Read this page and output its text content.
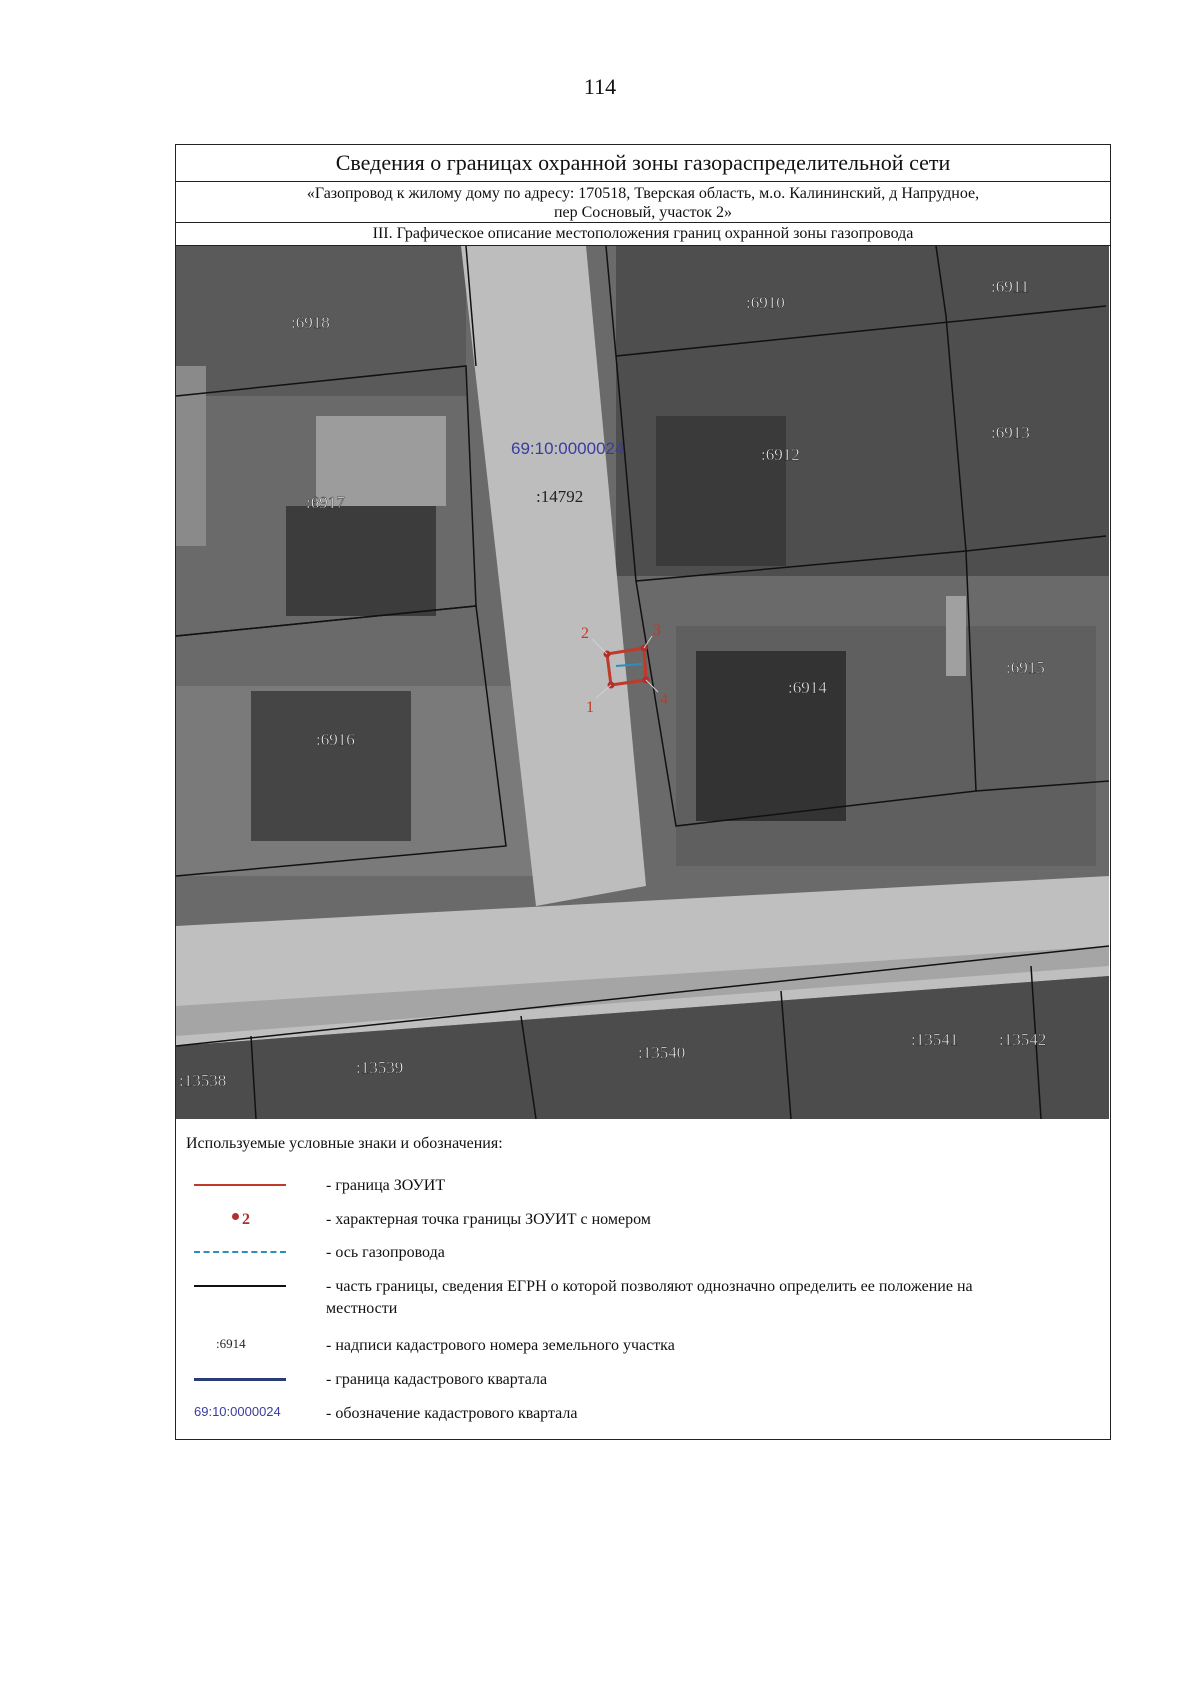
114
Сведения о границах охранной зоны газораспределительной сети
«Газопровод к жилому дому по адресу: 170518, Тверская область, м.о. Калининский, д Напрудное,
пер Сосновый, участок 2»
III. Графическое описание местоположения границ охранной зоны газопровода
1
2	3
4
69:10:0000024
:6918
:6910
:6911
:6913
:6912
:6917	:14792
:6915
:6914
:6916
:13538
:13539
:13540
:13541 :13542
Используемые условные знаки и обозначения:
- граница ЗОУИТ
2	- характерная точка границы ЗОУИТ с номером
- ось газопровода
- часть границы, сведения ЕГРН о которой позволяют однозначно определить ее положение на местности
:6914	- надписи кадастрового номера земельного участка
- граница кадастрового квартала
69:10:0000024	- обозначение кадастрового квартала
